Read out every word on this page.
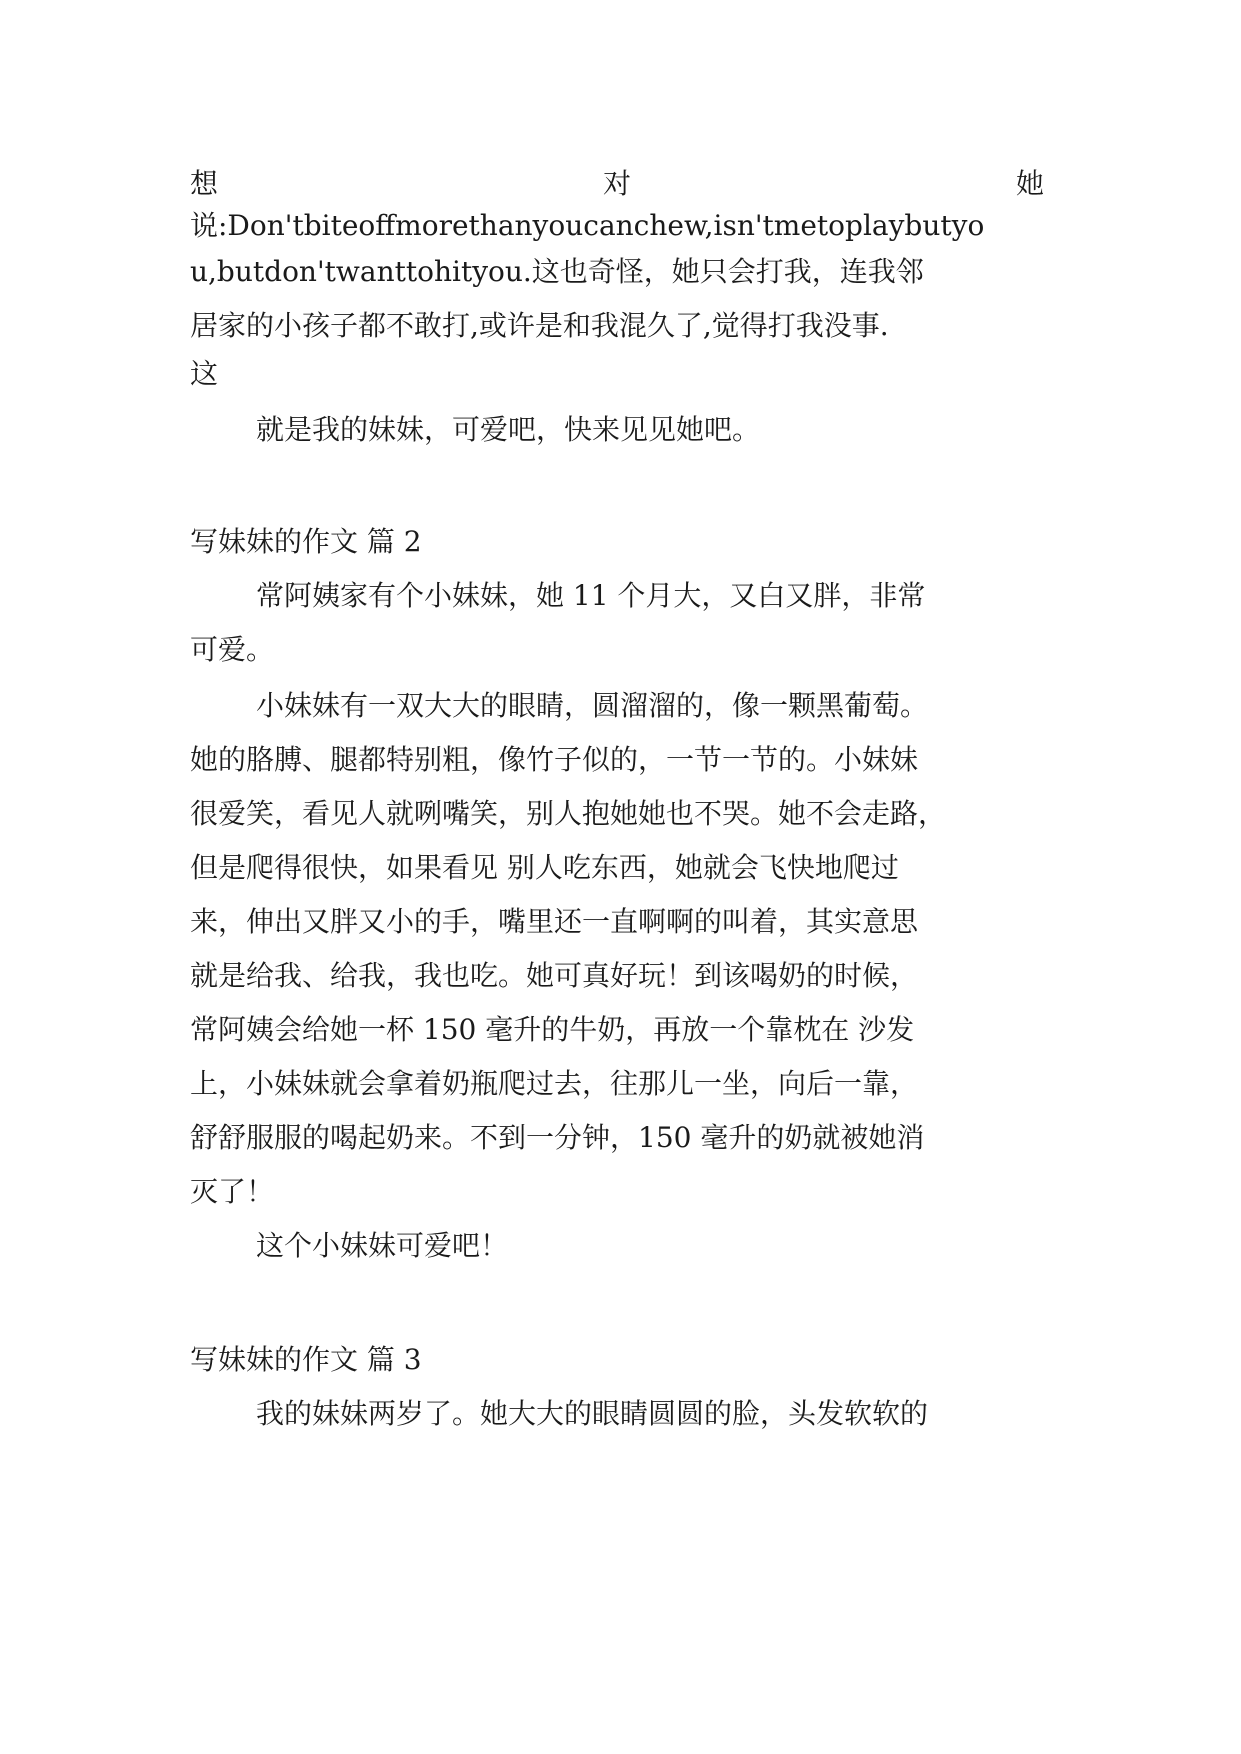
想	对	她
说:Don'tbiteoffmorethanyoucanchew,isn'tmetoplaybutyo
u,butdon'twanttohityou.这也奇怪，她只会打我，连我邻
居家的小孩子都不敢打,或许是和我混久了,觉得打我没事.
这
就是我的妹妹，可爱吧，快来见见她吧。
写妹妹的作文 篇 2
常阿姨家有个小妹妹，她 11 个月大，又白又胖，非常
可爱。
小妹妹有一双大大的眼睛，圆溜溜的，像一颗黑葡萄。
她的胳膊、腿都特别粗，像竹子似的，一节一节的。小妹妹
很爱笑，看见人就咧嘴笑，别人抱她她也不哭。她不会走路，
但是爬得很快，如果看见 别人吃东西，她就会飞快地爬过
来，伸出又胖又小的手，嘴里还一直啊啊的叫着，其实意思
就是给我、给我，我也吃。她可真好玩！到该喝奶的时候，
常阿姨会给她一杯 150 毫升的牛奶，再放一个靠枕在 沙发
上，小妹妹就会拿着奶瓶爬过去，往那儿一坐，向后一靠，
舒舒服服的喝起奶来。不到一分钟，150 毫升的奶就被她消
灭了！
这个小妹妹可爱吧！
写妹妹的作文 篇 3
我的妹妹两岁了。她大大的眼睛圆圆的脸，头发软软的
